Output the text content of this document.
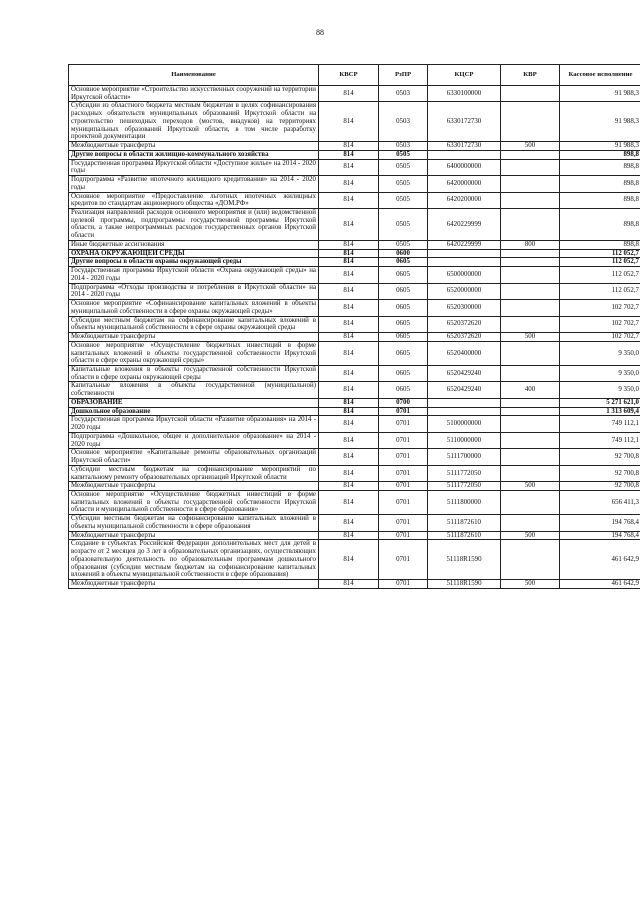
88
Наименование	КВСР	РзПР	КЦСР	КВР	Кассовое исполнение
Основное мероприятие «Строительство искусственных сооружений на территории Иркутской области»	814	0503	6330100000		91 988,3
Субсидии из областного бюджета местным бюджетам в целях софинансирования расходных обязательств муниципальных образований Иркутской области на строительство пешеходных переходов (мостов, виадуков) на территориях муниципальных образований Иркутской области, в том числе разработку проектной документации	814	0503	6330172730		91 988,3
Межбюджетные трансферты	814	0503	6330172730	500	91 988,3
Другие вопросы в области жилищно-коммунального хозяйства	814	0505			898,8
Государственная программа Иркутской области «Доступное жилье» на 2014 - 2020 годы	814	0505	6400000000		898,8
Подпрограмма «Развитие ипотечного жилищного кредитования» на 2014 - 2020 годы	814	0505	6420000000		898,8
Основное мероприятие «Предоставление льготных ипотечных жилищных кредитов по стандартам акционерного общества «ДОМ.РФ»	814	0505	6420200000		898,8
Реализация направлений расходов основного мероприятия и (или) ведомственной целевой программы, подпрограммы государственной программы Иркутской области, а также непрограммных расходов государственных органов Иркутской области	814	0505	6420229999		898,8
Иные бюджетные ассигнования	814	0505	6420229999	800	898,8
ОХРАНА ОКРУЖАЮЩЕЙ СРЕДЫ	814	0600			112 052,7
Другие вопросы в области охраны окружающей среды	814	0605			112 052,7
Государственная программа Иркутской области «Охрана окружающей среды» на 2014 - 2020 годы	814	0605	6500000000		112 052,7
Подпрограмма «Отходы производства и потребления в Иркутской области» на 2014 - 2020 годы	814	0605	6520000000		112 052,7
Основное мероприятие «Софинансирование капитальных вложений в объекты муниципальной собственности в сфере охраны окружающей среды»	814	0605	6520300000		102 702,7
Субсидии местным бюджетам на софинансирование капитальных вложений в объекты муниципальной собственности в сфере охраны окружающей среды	814	0605	6520372620		102 702,7
Межбюджетные трансферты	814	0605	6520372620	500	102 702,7
Основное мероприятие «Осуществление бюджетных инвестиций в форме капитальных вложений в объекты государственной собственности Иркутской области в сфере охраны окружающей среды»	814	0605	6520400000		9 350,0
Капитальные вложения в объекты государственной собственности Иркутской области в сфере охраны окружающей среды	814	0605	6520429240		9 350,0
Капитальные вложения в объекты государственной (муниципальной) собственности	814	0605	6520429240	400	9 350,0
ОБРАЗОВАНИЕ	814	0700			5 271 621,0
Дошкольное образование	814	0701			1 313 609,4
Государственная программа Иркутской области «Развитие образования» на 2014 - 2020 годы	814	0701	5100000000		749 112,1
Подпрограмма «Дошкольное, общее и дополнительное образование» на 2014 - 2020 годы	814	0701	5110000000		749 112,1
Основное мероприятие «Капитальные ремонты образовательных организаций Иркутской области»	814	0701	5111700000		92 700,8
Субсидии местным бюджетам на софинансирование мероприятий по капитальному ремонту образовательных организаций Иркутской области	814	0701	5111772050		92 700,8
Межбюджетные трансферты	814	0701	5111772050	500	92 700,8
Основное мероприятие «Осуществление бюджетных инвестиций в форме капитальных вложений в объекты государственной собственности Иркутской области и муниципальной собственности в сфере образования»	814	0701	5111800000		656 411,3
Субсидии местным бюджетам на софинансирование капитальных вложений в объекты муниципальной собственности в сфере образования	814	0701	5111872610		194 768,4
Межбюджетные трансферты	814	0701	5111872610	500	194 768,4
Создание в субъектах Российской Федерации дополнительных мест для детей в возрасте от 2 месяцев до 3 лет в образовательных организациях, осуществляющих образовательную деятельность по образовательным программам дошкольного образования (субсидии местным бюджетам на софинансирование капитальных вложений в объекты муниципальной собственности в сфере образования)	814	0701	51118R1590		461 642,9
Межбюджетные трансферты	814	0701	51118R1590	500	461 642,9
